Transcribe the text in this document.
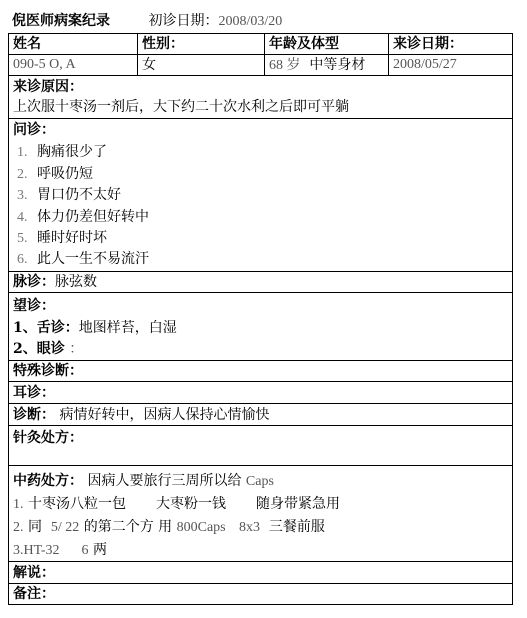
倪医师病案纪录	初诊日期：2008/03/20
姓名	性别：	年龄及体型	来诊日期：
090-5 O, A	女	68 岁 中等身材	2008/05/27
来诊原因：
上次服十枣汤一剂后，大下约二十次水利之后即可平躺
问诊：
1. 胸痛很少了
2. 呼吸仍短
3. 胃口仍不太好
4. 体力仍差但好转中
5. 睡时好时坏
6. 此人一生不易流汗
脉诊：脉弦数
望诊：
1、舌诊：地图样苔，白湿
2、眼诊 ：
特殊诊断：
耳诊：
诊断： 病情好转中，因病人保持心情愉快
针灸处方：
中药处方： 因病人要旅行三周所以给 Caps
1. 十枣汤八粒一包 大枣粉一钱 随身带紧急用
2. 同 5/ 22 的第二个方 用 800Caps 8x3 三餐前服
3.HT-32 6 两
解说：
备注：
